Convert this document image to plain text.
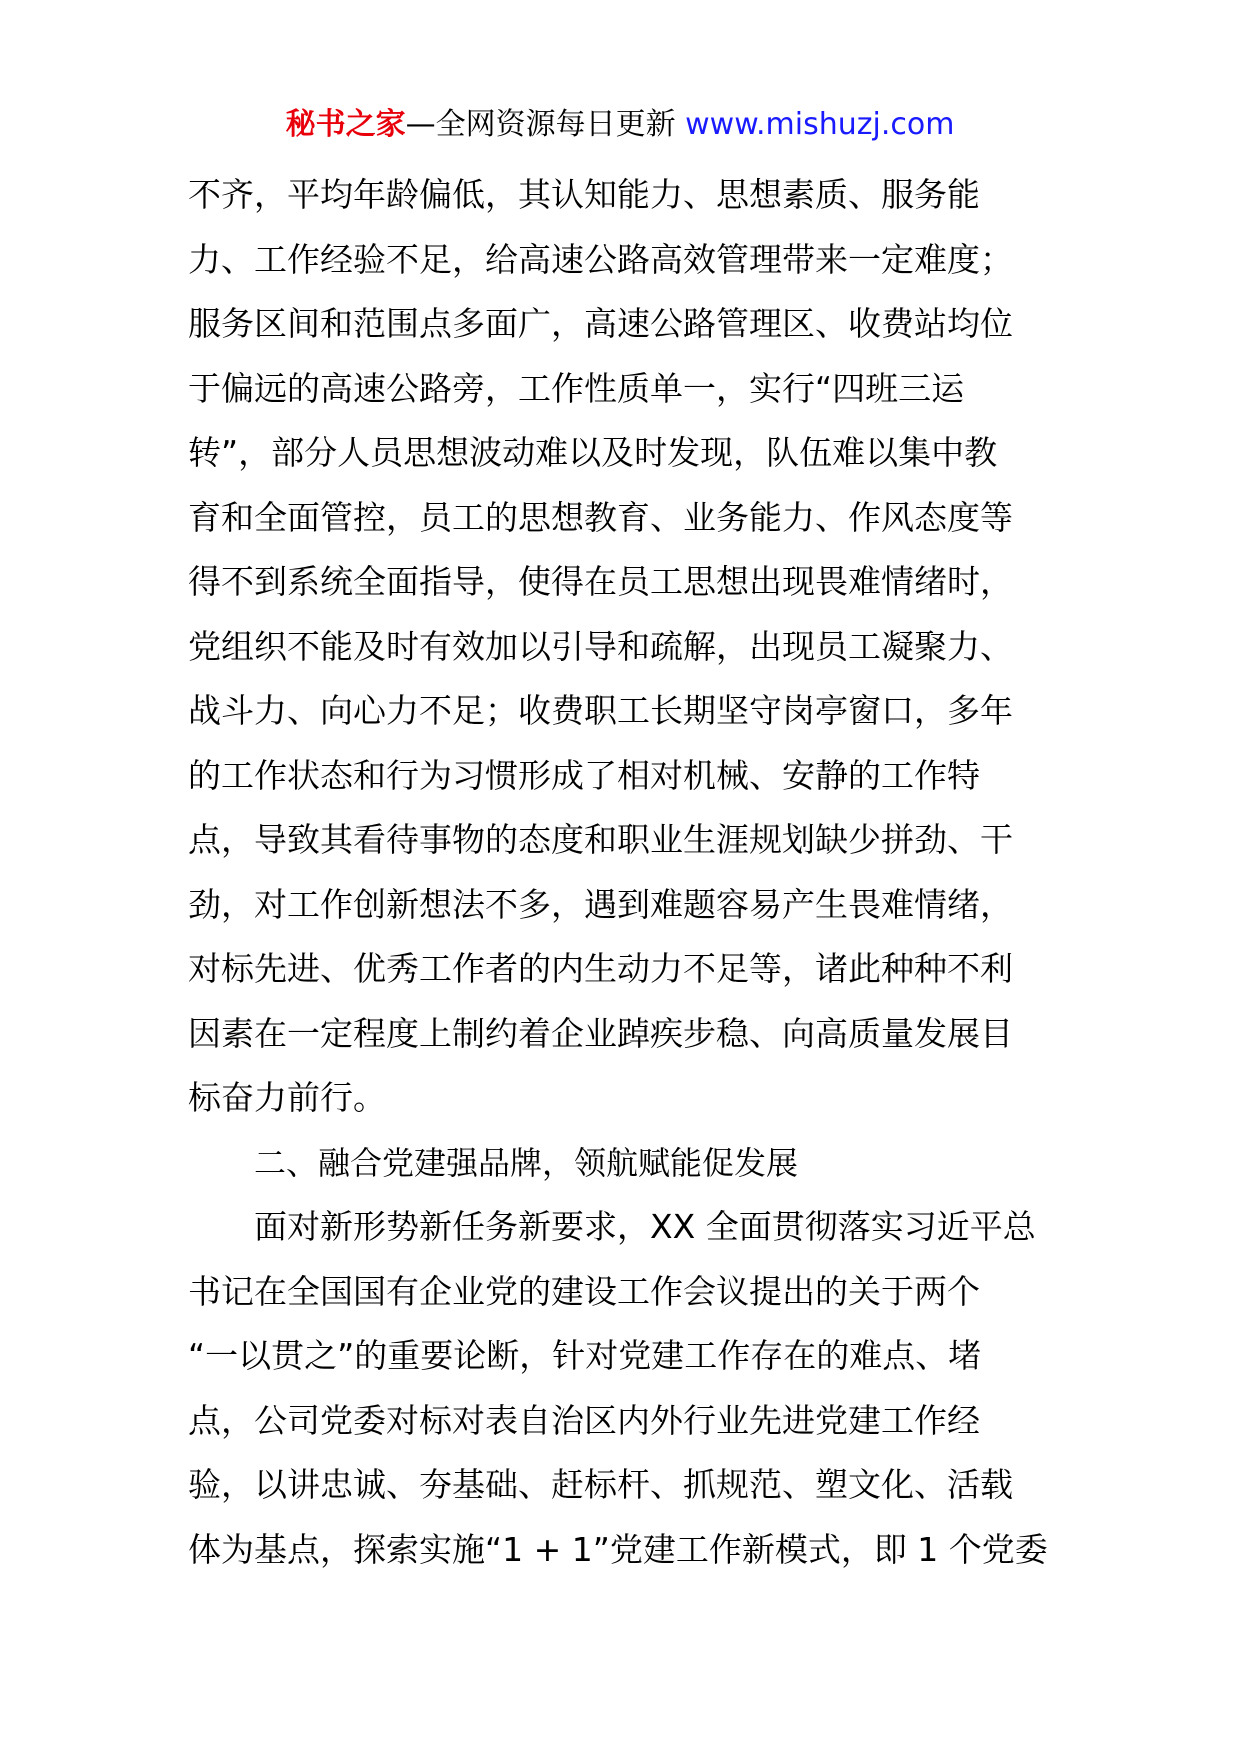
秘书之家—全网资源每日更新 www.mishuzj.com
不齐，平均年龄偏低，其认知能力、思想素质、服务能
力、工作经验不足，给高速公路高效管理带来一定难度；
服务区间和范围点多面广，高速公路管理区、收费站均位
于偏远的高速公路旁，工作性质单一，实行“四班三运
转”，部分人员思想波动难以及时发现，队伍难以集中教
育和全面管控，员工的思想教育、业务能力、作风态度等
得不到系统全面指导，使得在员工思想出现畏难情绪时，
党组织不能及时有效加以引导和疏解，出现员工凝聚力、
战斗力、向心力不足；收费职工长期坚守岗亭窗口，多年
的工作状态和行为习惯形成了相对机械、安静的工作特
点，导致其看待事物的态度和职业生涯规划缺少拼劲、干
劲，对工作创新想法不多，遇到难题容易产生畏难情绪，
对标先进、优秀工作者的内生动力不足等，诸此种种不利
因素在一定程度上制约着企业踔疾步稳、向高质量发展目
标奋力前行。
二、融合党建强品牌，领航赋能促发展
面对新形势新任务新要求，XX 全面贯彻落实习近平总
书记在全国国有企业党的建设工作会议提出的关于两个
“一以贯之”的重要论断，针对党建工作存在的难点、堵
点，公司党委对标对表自治区内外行业先进党建工作经
验，以讲忠诚、夯基础、赶标杆、抓规范、塑文化、活载
体为基点，探索实施“1 + 1”党建工作新模式，即 1 个党委
